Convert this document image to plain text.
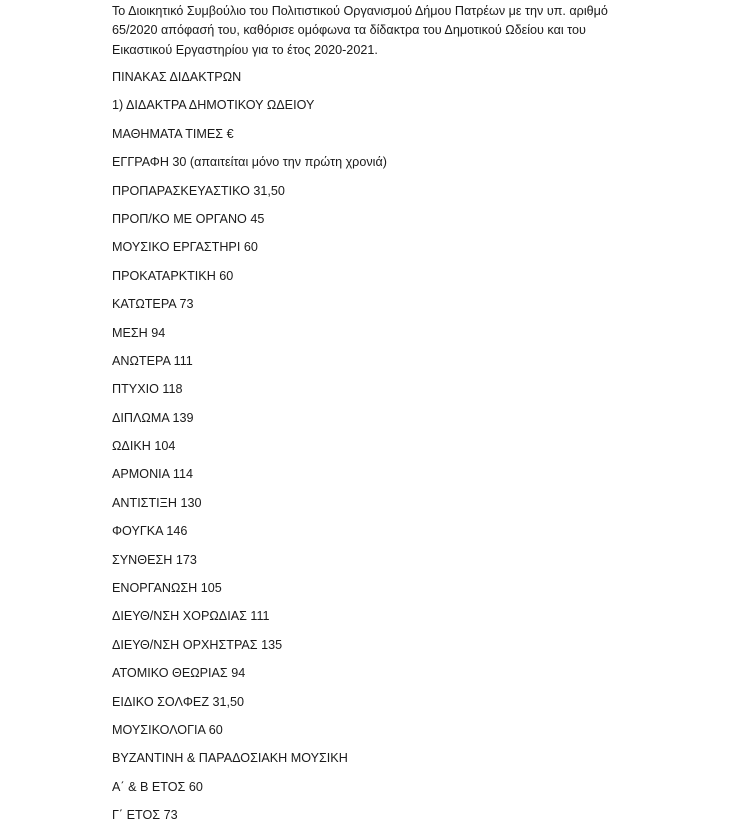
Το Διοικητικό Συμβούλιο του Πολιτιστικού Οργανισμού Δήμου Πατρέων με την υπ. αριθμό
65/2020 απόφασή του, καθόρισε ομόφωνα τα δίδακτρα του Δημοτικού Ωδείου και του
Εικαστικού Εργαστηρίου για το έτος 2020-2021.

ΠΙΝΑΚΑΣ ΔΙΔΑΚΤΡΩΝ
1) ΔΙΔΑΚΤΡΑ ΔΗΜΟΤΙΚΟΥ ΩΔΕΙΟΥ
ΜΑΘΗΜΑΤΑ ΤΙΜΕΣ €
ΕΓΓΡΑΦΗ 30 (απαιτείται μόνο την πρώτη χρονιά)
ΠΡΟΠΑΡΑΣΚΕΥΑΣΤΙΚΟ 31,50
ΠΡΟΠ/ΚΟ ΜΕ ΟΡΓΑΝΟ 45
ΜΟΥΣΙΚΟ ΕΡΓΑΣΤΗΡΙ 60
ΠΡΟΚΑΤΑΡΚΤΙΚΗ 60
ΚΑΤΩΤΕΡΑ 73
ΜΕΣΗ 94
ΑΝΩΤΕΡΑ 111
ΠΤΥΧΙΟ 118
ΔΙΠΛΩΜΑ 139
ΩΔΙΚΗ 104
ΑΡΜΟΝΙΑ 114
ΑΝΤΙΣΤΙΞΗ 130
ΦΟΥΓΚΑ 146
ΣΥΝΘΕΣΗ 173
ΕΝΟΡΓΑΝΩΣΗ 105
ΔΙΕΥΘ/ΝΣΗ ΧΟΡΩΔΙΑΣ 111
ΔΙΕΥΘ/ΝΣΗ ΟΡΧΗΣΤΡΑΣ 135
ΑΤΟΜΙΚΟ ΘΕΩΡΙΑΣ 94
ΕΙΔΙΚΟ ΣΟΛΦΕΖ 31,50
ΜΟΥΣΙΚΟΛΟΓΙΑ 60
ΒΥΖΑΝΤΙΝΗ & ΠΑΡΑΔΟΣΙΑΚΗ ΜΟΥΣΙΚΗ
Α΄ & Β ΕΤΟΣ 60
Γ΄ ΕΤΟΣ 73
